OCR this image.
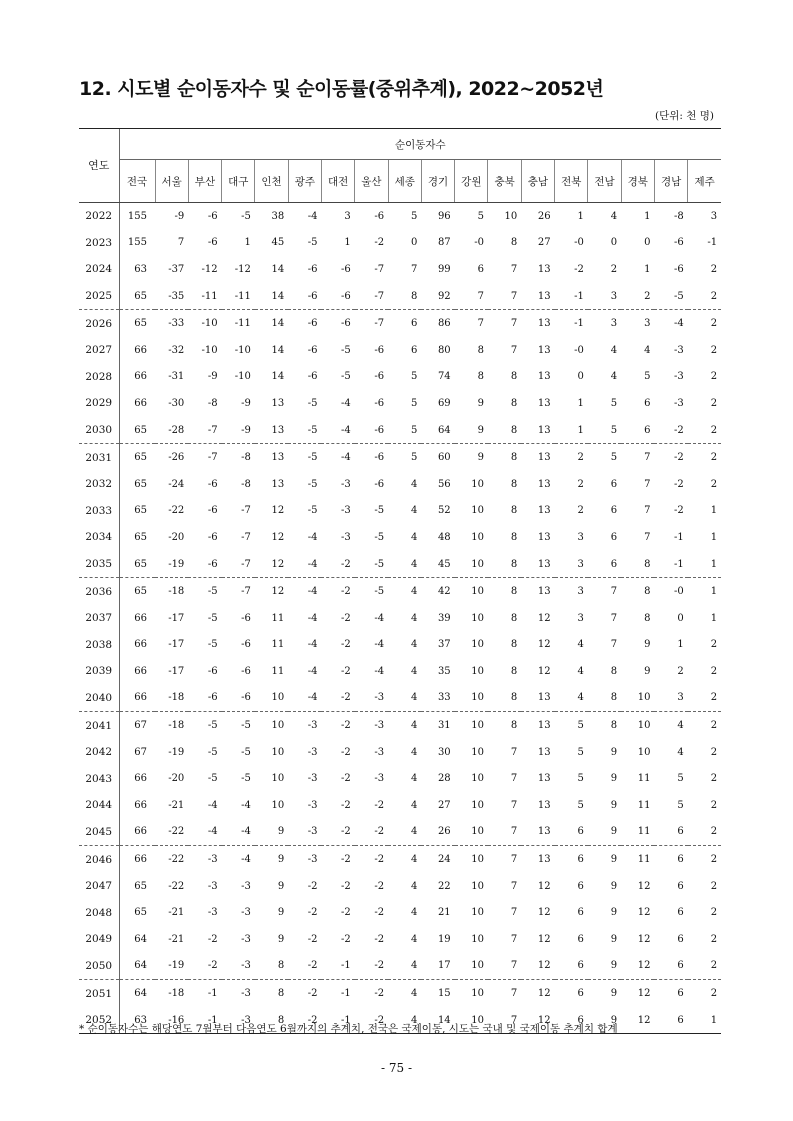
12. 시도별 순이동자수 및 순이동률(중위추계), 2022~2052년
(단위: 천 명)
연도	순이동자수																	
	전국	서울	부산	대구	인천	광주	대전	울산	세종	경기	강원	충북	충남	전북	전남	경북	경남	제주
2022	155	-9	-6	-5	38	-4	3	-6	5	96	5	10	26	1	4	1	-8	3
2023	155	7	-6	1	45	-5	1	-2	0	87	-0	8	27	-0	0	0	-6	-1
2024	63	-37	-12	-12	14	-6	-6	-7	7	99	6	7	13	-2	2	1	-6	2
2025	65	-35	-11	-11	14	-6	-6	-7	8	92	7	7	13	-1	3	2	-5	2
2026	65	-33	-10	-11	14	-6	-6	-7	6	86	7	7	13	-1	3	3	-4	2
2027	66	-32	-10	-10	14	-6	-5	-6	6	80	8	7	13	-0	4	4	-3	2
2028	66	-31	-9	-10	14	-6	-5	-6	5	74	8	8	13	0	4	5	-3	2
2029	66	-30	-8	-9	13	-5	-4	-6	5	69	9	8	13	1	5	6	-3	2
2030	65	-28	-7	-9	13	-5	-4	-6	5	64	9	8	13	1	5	6	-2	2
2031	65	-26	-7	-8	13	-5	-4	-6	5	60	9	8	13	2	5	7	-2	2
2032	65	-24	-6	-8	13	-5	-3	-6	4	56	10	8	13	2	6	7	-2	2
2033	65	-22	-6	-7	12	-5	-3	-5	4	52	10	8	13	2	6	7	-2	1
2034	65	-20	-6	-7	12	-4	-3	-5	4	48	10	8	13	3	6	7	-1	1
2035	65	-19	-6	-7	12	-4	-2	-5	4	45	10	8	13	3	6	8	-1	1
2036	65	-18	-5	-7	12	-4	-2	-5	4	42	10	8	13	3	7	8	-0	1
2037	66	-17	-5	-6	11	-4	-2	-4	4	39	10	8	12	3	7	8	0	1
2038	66	-17	-5	-6	11	-4	-2	-4	4	37	10	8	12	4	7	9	1	2
2039	66	-17	-6	-6	11	-4	-2	-4	4	35	10	8	12	4	8	9	2	2
2040	66	-18	-6	-6	10	-4	-2	-3	4	33	10	8	13	4	8	10	3	2
2041	67	-18	-5	-5	10	-3	-2	-3	4	31	10	8	13	5	8	10	4	2
2042	67	-19	-5	-5	10	-3	-2	-3	4	30	10	7	13	5	9	10	4	2
2043	66	-20	-5	-5	10	-3	-2	-3	4	28	10	7	13	5	9	11	5	2
2044	66	-21	-4	-4	10	-3	-2	-2	4	27	10	7	13	5	9	11	5	2
2045	66	-22	-4	-4	9	-3	-2	-2	4	26	10	7	13	6	9	11	6	2
2046	66	-22	-3	-4	9	-3	-2	-2	4	24	10	7	13	6	9	11	6	2
2047	65	-22	-3	-3	9	-2	-2	-2	4	22	10	7	12	6	9	12	6	2
2048	65	-21	-3	-3	9	-2	-2	-2	4	21	10	7	12	6	9	12	6	2
2049	64	-21	-2	-3	9	-2	-2	-2	4	19	10	7	12	6	9	12	6	2
2050	64	-19	-2	-3	8	-2	-1	-2	4	17	10	7	12	6	9	12	6	2
2051	64	-18	-1	-3	8	-2	-1	-2	4	15	10	7	12	6	9	12	6	2
2052	63	-16	-1	-3	8	-2	-1	-2	4	14	10	7	12	6	9	12	6	1
* 순이동자수는 해당연도 7월부터 다음연도 6월까지의 추계치, 전국은 국제이동, 시도는 국내 및 국제이동 추계치 합계
- 75 -
